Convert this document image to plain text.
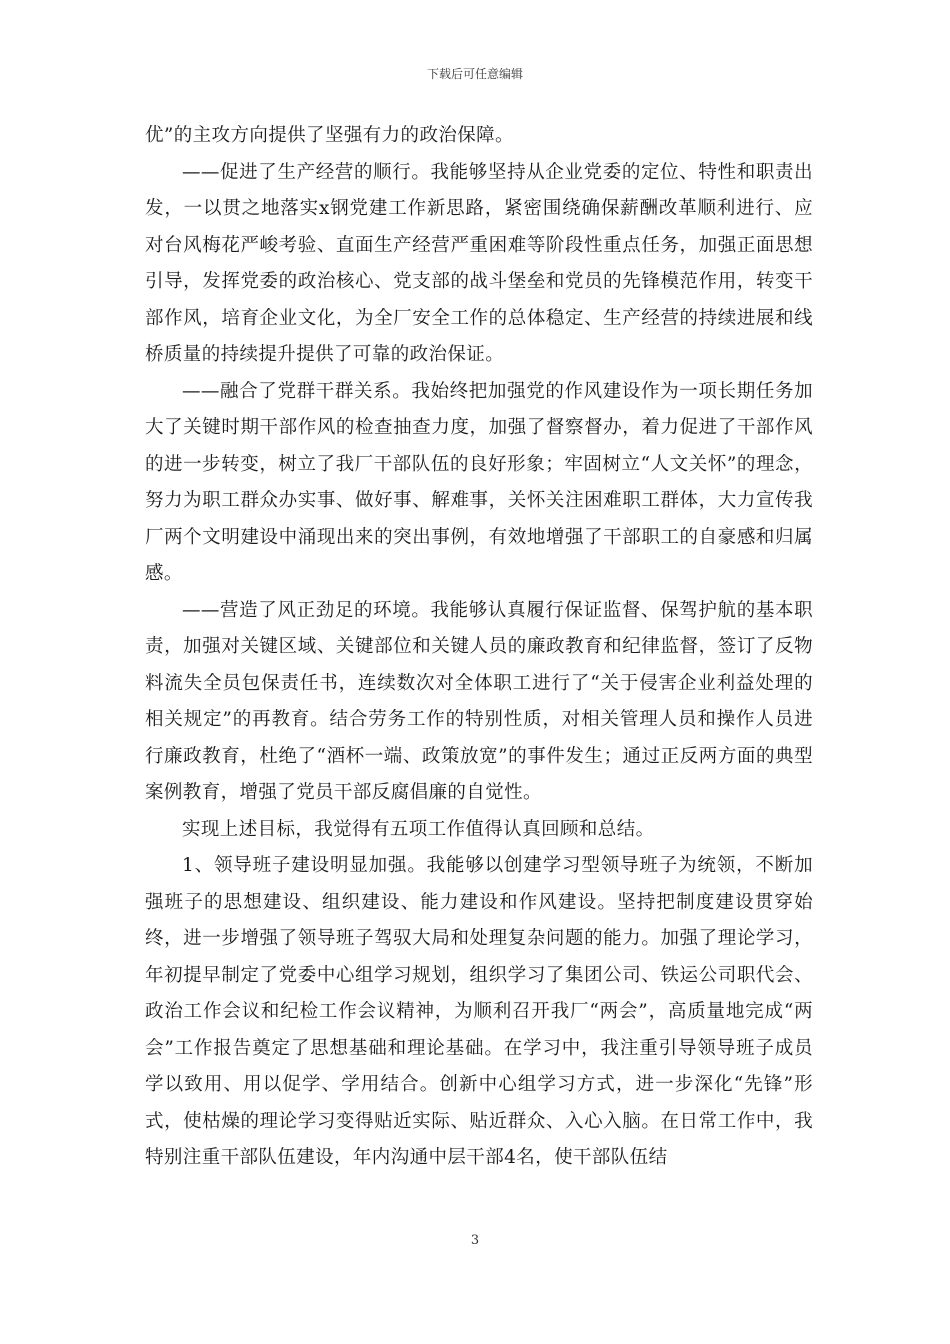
下载后可任意编辑

优”的主攻方向提供了坚强有力的政治保障。

——促进了生产经营的顺行。我能够坚持从企业党委的定位、特性和职责出发，一以贯之地落实x钢党建工作新思路，紧密围绕确保薪酬改革顺利进行、应对台风梅花严峻考验、直面生产经营严重困难等阶段性重点任务，加强正面思想引导，发挥党委的政治核心、党支部的战斗堡垒和党员的先锋模范作用，转变干部作风，培育企业文化，为全厂安全工作的总体稳定、生产经营的持续进展和线桥质量的持续提升提供了可靠的政治保证。

——融合了党群干群关系。我始终把加强党的作风建设作为一项长期任务加大了关键时期干部作风的检查抽查力度，加强了督察督办，着力促进了干部作风的进一步转变，树立了我厂干部队伍的良好形象；牢固树立“人文关怀”的理念，努力为职工群众办实事、做好事、解难事，关怀关注困难职工群体，大力宣传我厂两个文明建设中涌现出来的突出事例，有效地增强了干部职工的自豪感和归属感。

——营造了风正劲足的环境。我能够认真履行保证监督、保驾护航的基本职责，加强对关键区域、关键部位和关键人员的廉政教育和纪律监督，签订了反物料流失全员包保责任书，连续数次对全体职工进行了“关于侵害企业利益处理的相关规定”的再教育。结合劳务工作的特别性质，对相关管理人员和操作人员进行廉政教育，杜绝了“酒杯一端、政策放宽”的事件发生；通过正反两方面的典型案例教育，增强了党员干部反腐倡廉的自觉性。

实现上述目标，我觉得有五项工作值得认真回顾和总结。

1、领导班子建设明显加强。我能够以创建学习型领导班子为统领，不断加强班子的思想建设、组织建设、能力建设和作风建设。坚持把制度建设贯穿始终，进一步增强了领导班子驾驭大局和处理复杂问题的能力。加强了理论学习，年初提早制定了党委中心组学习规划，组织学习了集团公司、铁运公司职代会、政治工作会议和纪检工作会议精神，为顺利召开我厂“两会”，高质量地完成“两会”工作报告奠定了思想基础和理论基础。在学习中，我注重引导领导班子成员学以致用、用以促学、学用结合。创新中心组学习方式，进一步深化“先锋”形式，使枯燥的理论学习变得贴近实际、贴近群众、入心入脑。在日常工作中，我特别注重干部队伍建设，年内沟通中层干部4名，使干部队伍结

3
